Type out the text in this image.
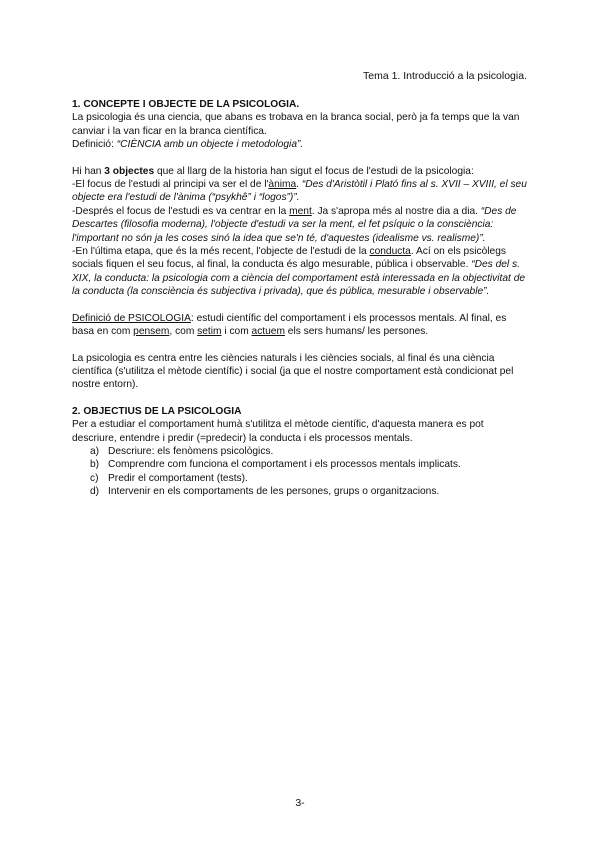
Tema 1. Introducció a la psicologia.

1. CONCEPTE I OBJECTE DE LA PSICOLOGIA.

La psicologia és una ciencia, que abans es trobava en la branca social, però ja fa temps que la van canviar i la van ficar en la branca científica.

Definició: “CIÈNCIA amb un objecte i metodologia”.

Hi han 3 objectes que al llarg de la historia han sigut el focus de l'estudi de la psicologia:

-El focus de l'estudi al principi va ser el de l'ànima. “Des d'Aristòtil i Plató fins al s. XVII – XVIII, el seu objecte era l'estudi de l'ànima (“psykhê” i “logos”)”.

-Després el focus de l'estudi es va centrar en la ment. Ja s'apropa més al nostre dia a dia. “Des de Descartes (filosofia moderna), l'objecte d'estudi va ser la ment, el fet psíquic o la consciència: l'important no són ja les coses sinó la idea que se'n té, d'aquestes (idealisme vs. realisme)”.

-En l'última etapa, que és la més recent, l'objecte de l'estudi de la conducta. Ací on els psicòlegs socials fiquen el seu focus, al final, la conducta és algo mesurable, pública i observable. “Des del s. XIX, la conducta: la psicologia com a ciència del comportament està interessada en la objectivitat de la conducta (la consciència és subjectiva i privada), que és pública, mesurable i observable”.

Definició de PSICOLOGIA: estudi científic del comportament i els processos mentals. Al final, es basa en com pensem, com setim i com actuem els sers humans/ les persones.

La psicologia es centra entre les ciències naturals i les ciències socials, al final és una ciència científica (s'utilitza el mètode científic) i social (ja que el nostre comportament està condicionat pel nostre entorn).

2. OBJECTIUS DE LA PSICOLOGIA

Per a estudiar el comportament humà s'utilitza el mètode científic, d'aquesta manera es pot descriure, entendre i predir (=predecir) la conducta i els processos mentals.

a) Descriure: els fenòmens psicològics.
b) Comprendre com funciona el comportament i els processos mentals implicats.
c) Predir el comportament (tests).
d) Intervenir en els comportaments de les persones, grups o organitzacions.
3-
